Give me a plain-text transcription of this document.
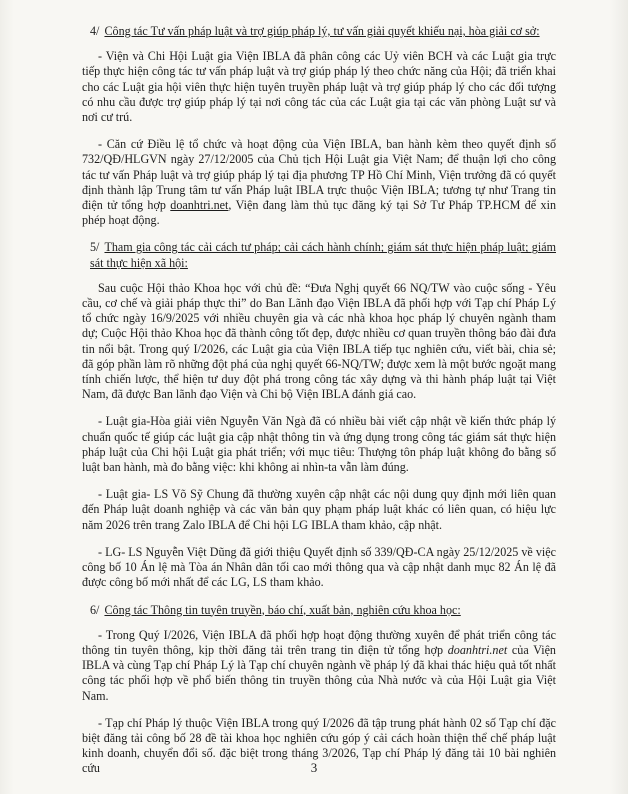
4/ Công tác Tư vấn pháp luật và trợ giúp pháp lý, tư vấn giải quyết khiếu nại, hòa giải cơ sở:

- Viện và Chi Hội Luật gia Viện IBLA đã phân công các Uỷ viên BCH và các Luật gia trực tiếp thực hiện công tác tư vấn pháp luật và trợ giúp pháp lý theo chức năng của Hội; đã triển khai cho các Luật gia hội viên thực hiện tuyên truyền pháp luật và trợ giúp pháp lý cho các đối tượng có nhu cầu được trợ giúp pháp lý tại nơi công tác của các Luật gia tại các văn phòng Luật sư và nơi cư trú.

- Căn cứ Điều lệ tổ chức và hoạt động của Viện IBLA, ban hành kèm theo quyết định số 732/QĐ/HLGVN ngày 27/12/2005 của Chủ tịch Hội Luật gia Việt Nam; để thuận lợi cho công tác tư vấn Pháp luật và trợ giúp pháp lý tại địa phương TP Hồ Chí Minh, Viện trưởng đã có quyết định thành lập Trung tâm tư vấn Pháp luật IBLA trực thuộc Viện IBLA; tương tự như Trang tin điện tử tổng hợp doanhtri.net, Viện đang làm thủ tục đăng ký tại Sở Tư Pháp TP.HCM để xin phép hoạt động.

5/ Tham gia công tác cải cách tư pháp; cải cách hành chính; giám sát thực hiện pháp luật; giám sát thực hiện xã hội:

Sau cuộc Hội thảo Khoa học với chủ đề: “Đưa Nghị quyết 66 NQ/TW vào cuộc sống - Yêu cầu, cơ chế và giải pháp thực thi” do Ban Lãnh đạo Viện IBLA đã phối hợp với Tạp chí Pháp Lý tổ chức ngày 16/9/2025 với nhiều chuyên gia và các nhà khoa học pháp lý chuyên ngành tham dự; Cuộc Hội thảo Khoa học đã thành công tốt đẹp, được nhiều cơ quan truyền thông báo đài đưa tin nổi bật. Trong quý I/2026, các Luật gia của Viện IBLA tiếp tục nghiên cứu, viết bài, chia sẻ; đã góp phần làm rõ những đột phá của nghị quyết 66-NQ/TW; được xem là một bước ngoặt mang tính chiến lược, thể hiện tư duy đột phá trong công tác xây dựng và thi hành pháp luật tại Việt Nam, đã được Ban lãnh đạo Viện và Chi bộ Viện IBLA đánh giá cao.

- Luật gia-Hòa giải viên Nguyễn Văn Ngà đã có nhiều bài viết cập nhật về kiến thức pháp lý chuẩn quốc tế giúp các luật gia cập nhật thông tin và ứng dụng trong công tác giám sát thực hiện pháp luật của Chi hội Luật gia phát triển; với mục tiêu: Thượng tôn pháp luật không đo bằng số luật ban hành, mà đo bằng việc: khi không ai nhìn-ta vẫn làm đúng.

- Luật gia- LS Võ Sỹ Chung đã thường xuyên cập nhật các nội dung quy định mới liên quan đến Pháp luật doanh nghiệp và các văn bản quy phạm pháp luật khác có liên quan, có hiệu lực năm 2026 trên trang Zalo IBLA để Chi hội LG IBLA tham khảo, cập nhật.

- LG- LS Nguyễn Việt Dũng đã giới thiệu Quyết định số 339/QĐ-CA ngày 25/12/2025 về việc công bố 10 Án lệ mà Tòa án Nhân dân tối cao mới thông qua và cập nhật danh mục 82 Án lệ đã được công bố mới nhất để các LG, LS tham khảo.

6/ Công tác Thông tin tuyên truyền, báo chí, xuất bản, nghiên cứu khoa học:

- Trong Quý I/2026, Viện IBLA đã phối hợp hoạt động thường xuyên để phát triển công tác thông tin tuyên thông, kịp thời đăng tải trên trang tin điện tử tổng hợp doanhtri.net của Viện IBLA và cùng Tạp chí Pháp Lý là Tạp chí chuyên ngành về pháp lý đã khai thác hiệu quả tốt nhất công tác phối hợp về phổ biến thông tin truyền thông của Nhà nước và của Hội Luật gia Việt Nam.

- Tạp chí Pháp lý thuộc Viện IBLA trong quý I/2026 đã tập trung phát hành 02 số Tạp chí đặc biệt đăng tải công bố 28 đề tài khoa học nghiên cứu góp ý cải cách hoàn thiện thể chế pháp luật kinh doanh, chuyển đổi số. đặc biệt trong tháng 3/2026, Tạp chí Pháp lý đăng tải 10 bài nghiên cứu	3
